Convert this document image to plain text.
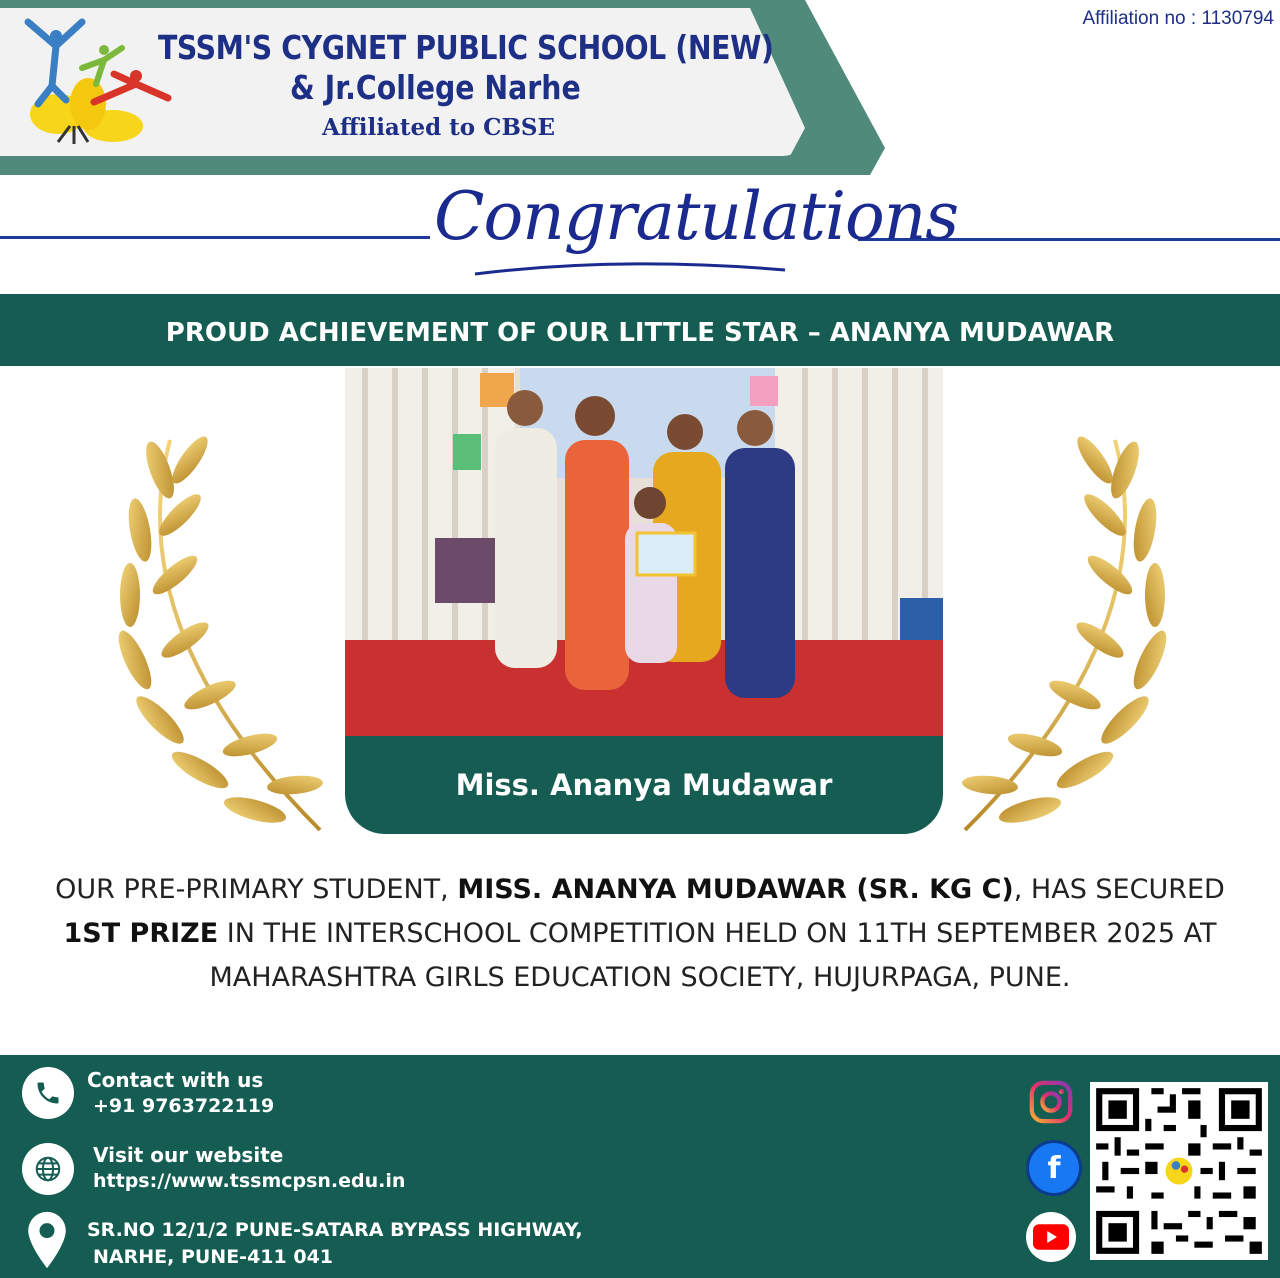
TSSM'S CYGNET PUBLIC SCHOOL (NEW)
& Jr.College Narhe
Affiliated to CBSE
Affiliation no : 1130794
Congratulations
PROUD ACHIEVEMENT OF OUR LITTLE STAR – ANANYA MUDAWAR
Miss. Ananya Mudawar
OUR PRE-PRIMARY STUDENT, MISS. ANANYA MUDAWAR (SR. KG C), HAS SECURED 1ST PRIZE IN THE INTERSCHOOL COMPETITION HELD ON 11TH SEPTEMBER 2025 AT MAHARASHTRA GIRLS EDUCATION SOCIETY, HUJURPAGA, PUNE.
Contact with us
+91 9763722119
Visit our website
https://www.tssmcpsn.edu.in
SR.NO 12/1/2 PUNE-SATARA BYPASS HIGHWAY,
NARHE, PUNE-411 041
f
